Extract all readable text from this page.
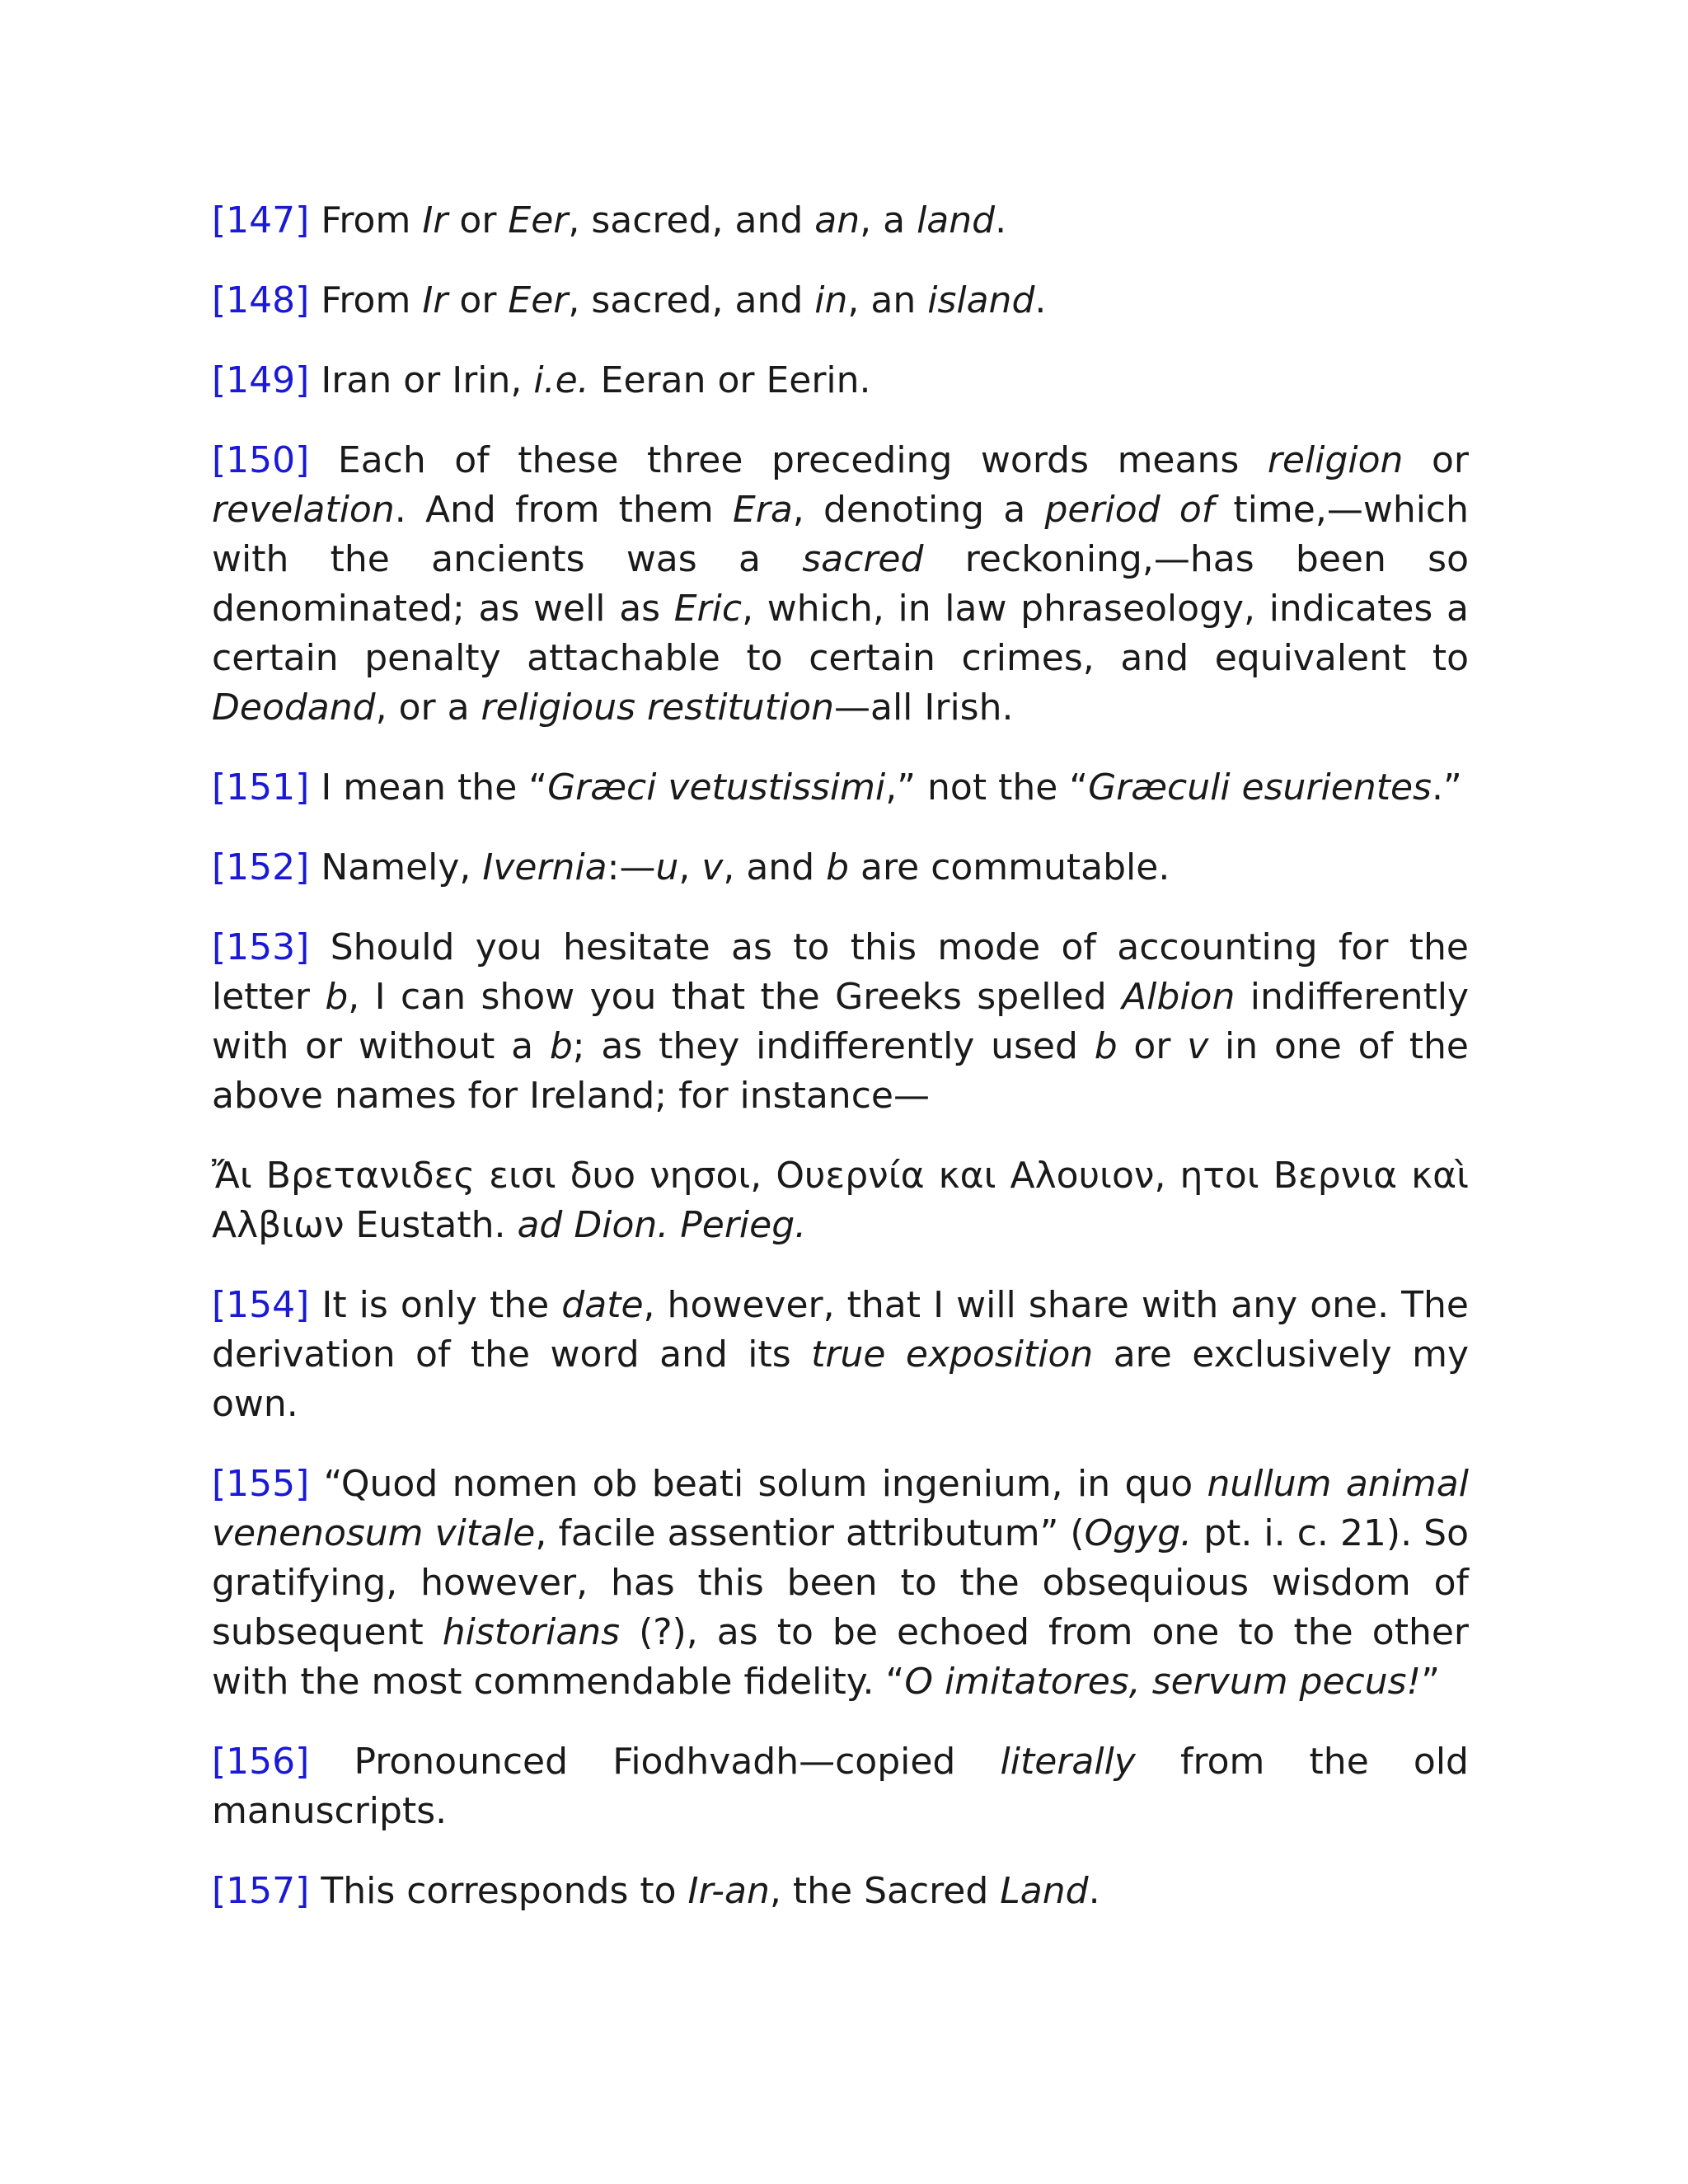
[147] From Ir or Eer, sacred, and an, a land.

[148] From Ir or Eer, sacred, and in, an island.

[149] Iran or Irin, i.e. Eeran or Eerin.

[150] Each of these three preceding words means religion or revelation. And from them Era, denoting a period of time,—which with the ancients was a sacred reckoning,—has been so denominated; as well as Eric, which, in law phraseology, indicates a certain penalty attachable to certain crimes, and equivalent to Deodand, or a religious restitution—all Irish.

[151] I mean the “Græci vetustissimi,” not the “Græculi esurientes.”

[152] Namely, Ivernia:—u, v, and b are commutable.

[153] Should you hesitate as to this mode of accounting for the letter b, I can show you that the Greeks spelled Albion indifferently with or without a b; as they indifferently used b or v in one of the above names for Ireland; for instance—

Ἄι Βρετανιδες εισι δυο νησοι, Ουερνία και Αλουιον, ητοι Βερνια καὶ Αλβιων Eustath. ad Dion. Perieg.

[154] It is only the date, however, that I will share with any one. The derivation of the word and its true exposition are exclusively my own.

[155] “Quod nomen ob beati solum ingenium, in quo nullum animal venenosum vitale, facile assentior attributum” (Ogyg. pt. i. c. 21). So gratifying, however, has this been to the obsequious wisdom of subsequent historians (?), as to be echoed from one to the other with the most commendable fidelity. “O imitatores, servum pecus!”

[156] Pronounced Fiodhvadh—copied literally from the old manuscripts.

[157] This corresponds to Ir-an, the Sacred Land.
